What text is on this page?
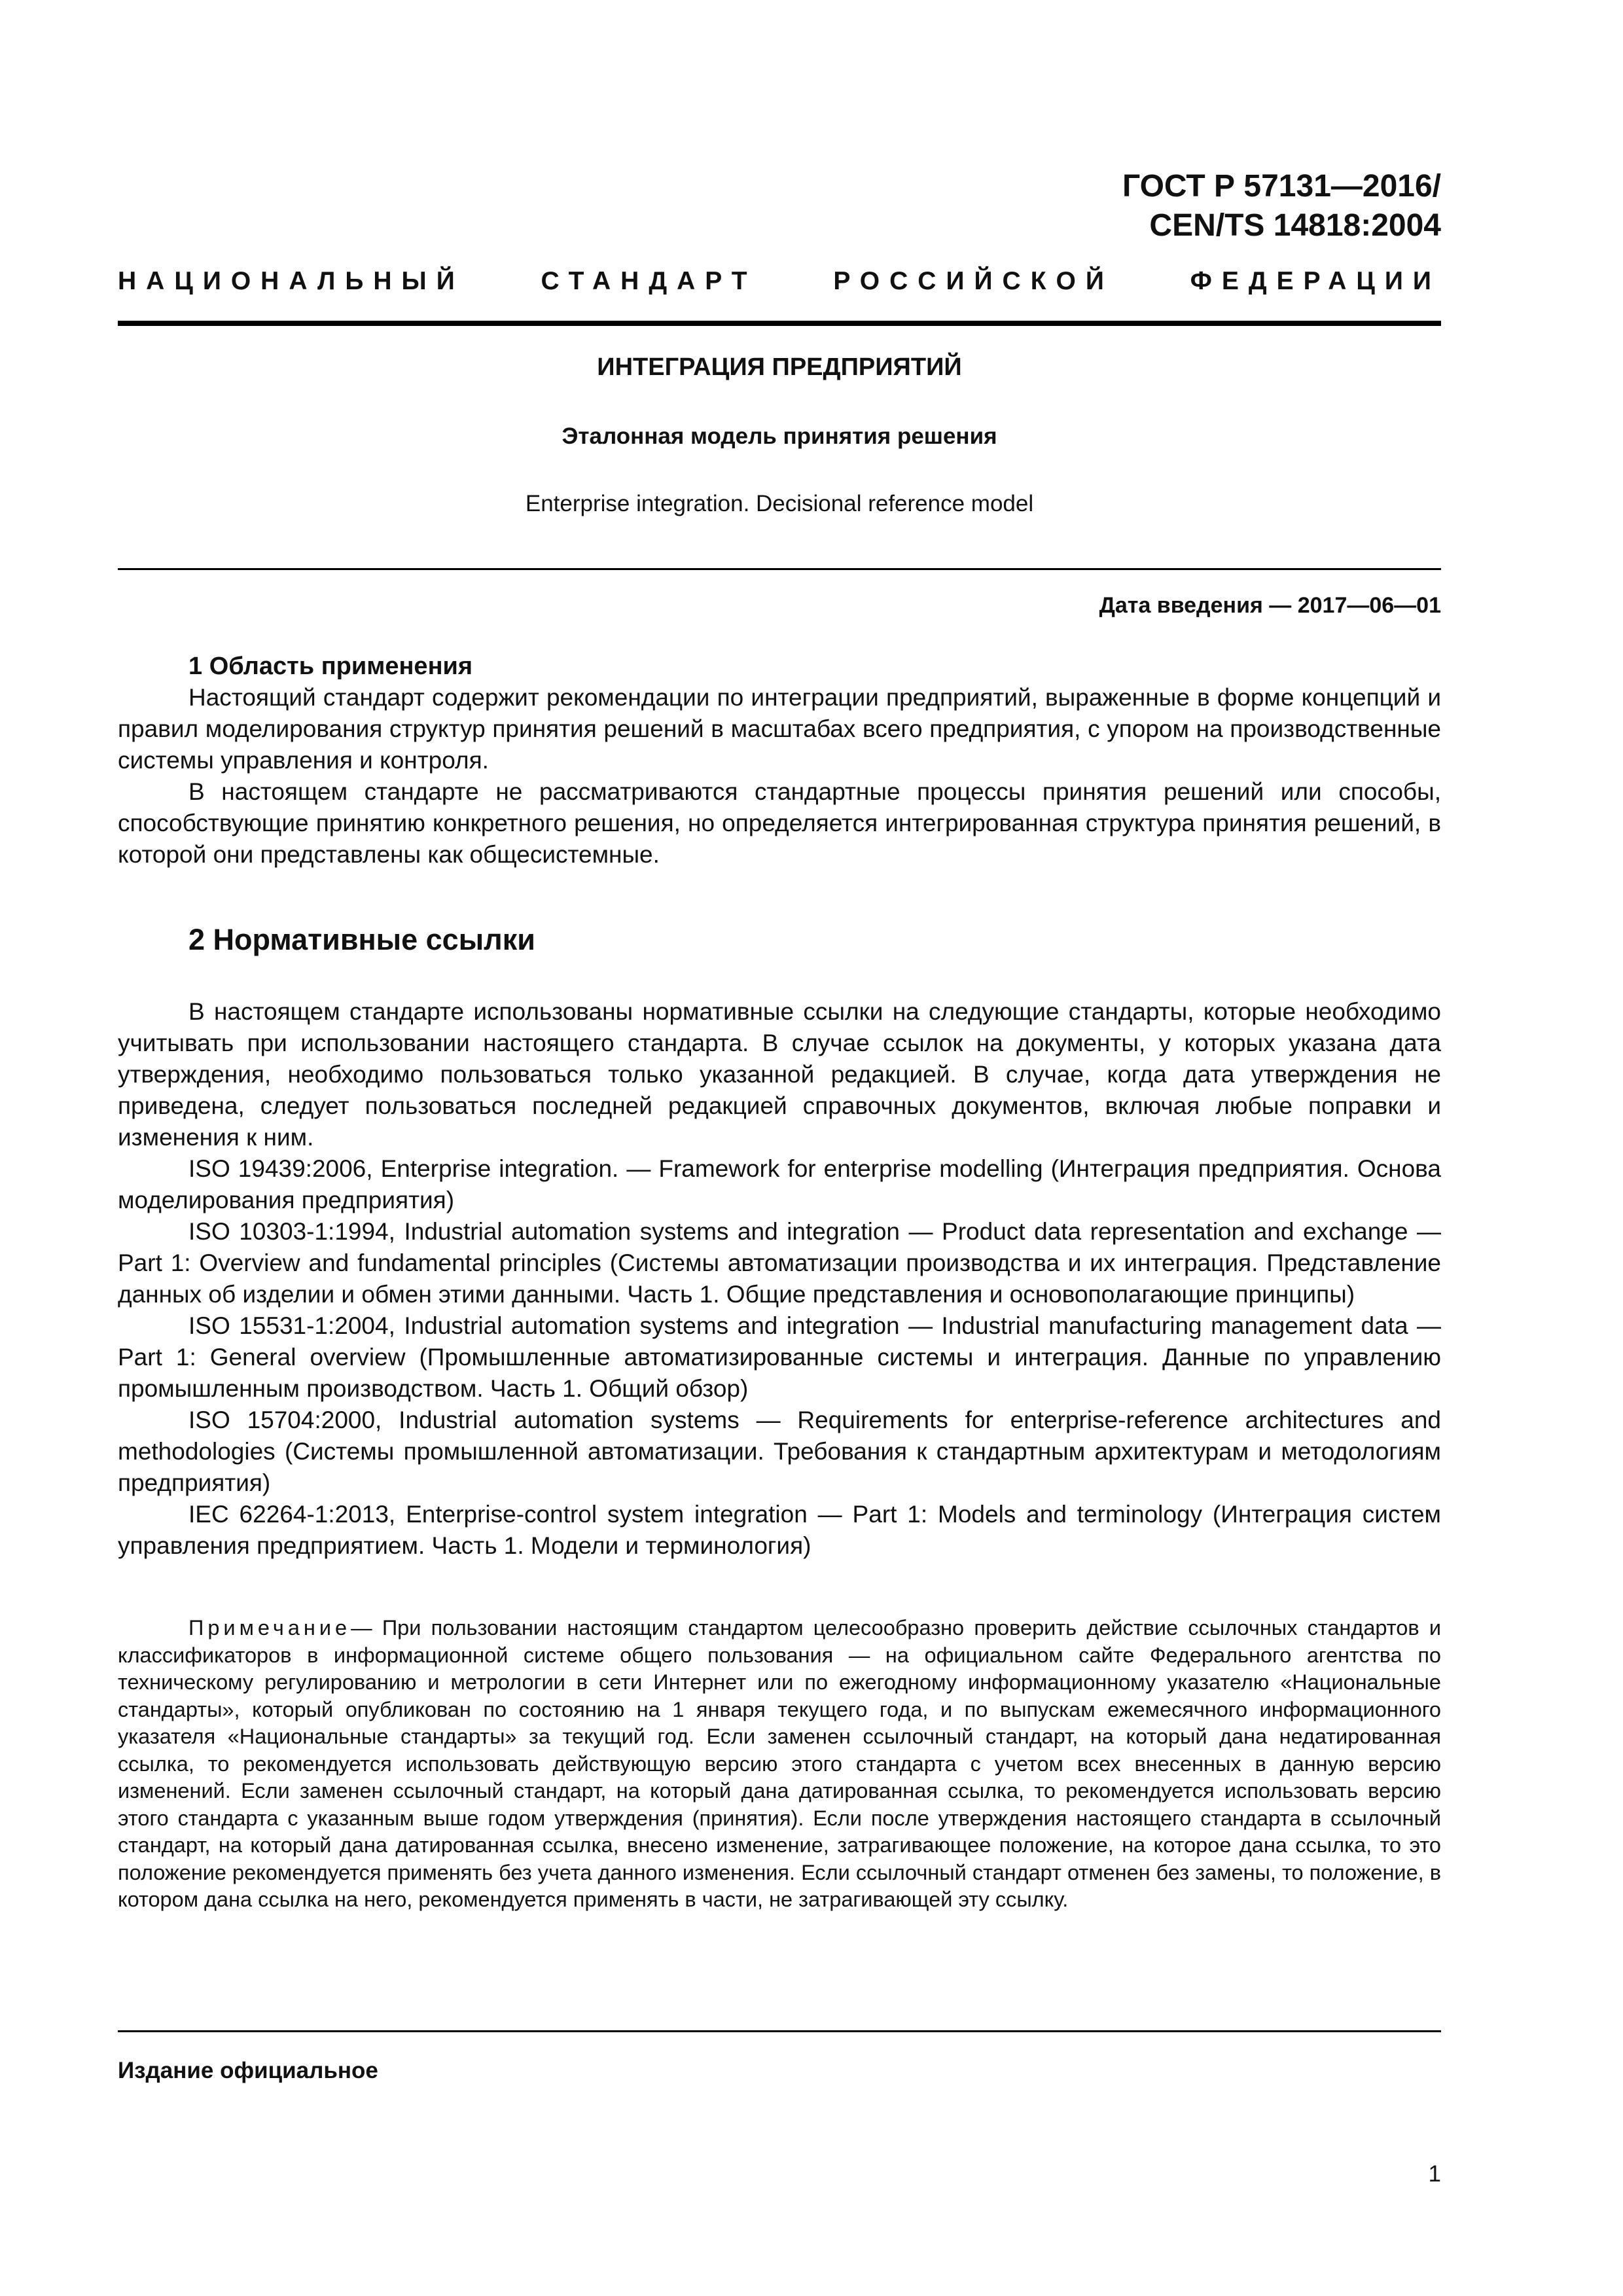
ГОСТ Р 57131—2016/
CEN/TS 14818:2004
НАЦИОНАЛЬНЫЙ	СТАНДАРТ	РОССИЙСКОЙ	ФЕДЕРАЦИИ
ИНТЕГРАЦИЯ ПРЕДПРИЯТИЙ
Эталонная модель принятия решения
Enterprise integration. Decisional reference model
Дата введения — 2017—06—01
1 Область применения

Настоящий стандарт содержит рекомендации по интеграции предприятий, выраженные в форме концепций и правил моделирования структур принятия решений в масштабах всего предприятия, с упором на производственные системы управления и контроля.

В настоящем стандарте не рассматриваются стандартные процессы принятия решений или способы, способствующие принятию конкретного решения, но определяется интегрированная структура принятия решений, в которой они представлены как общесистемные.

2 Нормативные ссылки

В настоящем стандарте использованы нормативные ссылки на следующие стандарты, которые необходимо учитывать при использовании настоящего стандарта. В случае ссылок на документы, у которых указана дата утверждения, необходимо пользоваться только указанной редакцией. В случае, когда дата утверждения не приведена, следует пользоваться последней редакцией справочных документов, включая любые поправки и изменения к ним.

ISO 19439:2006, Enterprise integration. — Framework for enterprise modelling (Интеграция предприятия. Основа моделирования предприятия)

ISO 10303-1:1994, Industrial automation systems and integration — Product data representation and exchange — Part 1: Overview and fundamental principles (Системы автоматизации производства и их интеграция. Представление данных об изделии и обмен этими данными. Часть 1. Общие представления и основополагающие принципы)

ISO 15531-1:2004, Industrial automation systems and integration — Industrial manufacturing management data — Part 1: General overview (Промышленные автоматизированные системы и интеграция. Данные по управлению промышленным производством. Часть 1. Общий обзор)

ISO 15704:2000, Industrial automation systems — Requirements for enterprise-reference architectures and methodologies (Системы промышленной автоматизации. Требования к стандартным архитектурам и методологиям предприятия)

IEC 62264-1:2013, Enterprise-control system integration — Part 1: Models and terminology (Интеграция систем управления предприятием. Часть 1. Модели и терминология)

Примечание— При пользовании настоящим стандартом целесообразно проверить действие ссылочных стандартов и классификаторов в информационной системе общего пользования — на официальном сайте Федерального агентства по техническому регулированию и метрологии в сети Интернет или по ежегодному информационному указателю «Национальные стандарты», который опубликован по состоянию на 1 января текущего года, и по выпускам ежемесячного информационного указателя «Национальные стандарты» за текущий год. Если заменен ссылочный стандарт, на который дана недатированная ссылка, то рекомендуется использовать действующую версию этого стандарта с учетом всех внесенных в данную версию изменений. Если заменен ссылочный стандарт, на который дана датированная ссылка, то рекомендуется использовать версию этого стандарта с указанным выше годом утверждения (принятия). Если после утверждения настоящего стандарта в ссылочный стандарт, на который дана датированная ссылка, внесено изменение, затрагивающее положение, на которое дана ссылка, то это положение рекомендуется применять без учета данного изменения. Если ссылочный стандарт отменен без замены, то положение, в котором дана ссылка на него, рекомендуется применять в части, не затрагивающей эту ссылку.

Издание официальное
1
